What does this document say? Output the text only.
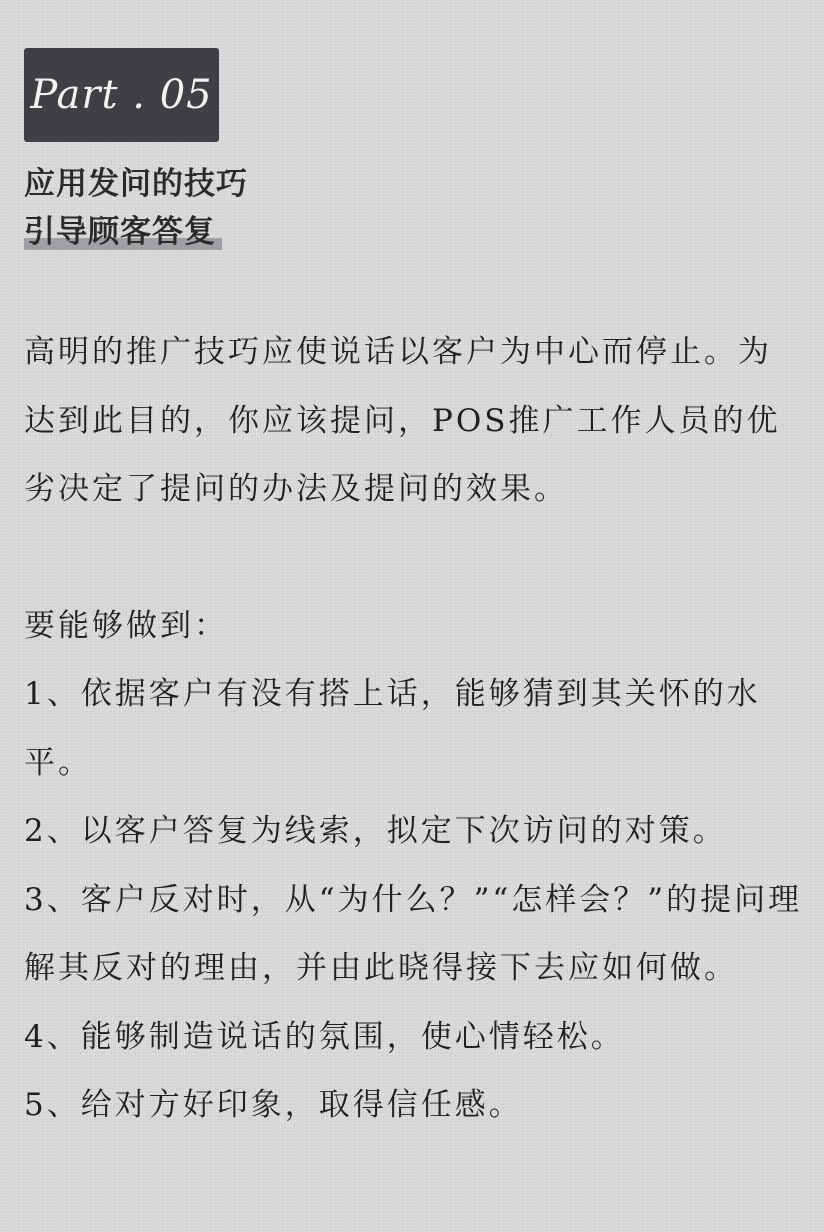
Part . 05
应用发问的技巧
引导顾客答复

高明的推广技巧应使说话以客户为中心而停止。为达到此目的，你应该提问，POS推广工作人员的优劣决定了提问的办法及提问的效果。

要能够做到：

1、依据客户有没有搭上话，能够猜到其关怀的水平。
2、以客户答复为线索，拟定下次访问的对策。
3、客户反对时，从“为什么？”“怎样会？”的提问理解其反对的理由，并由此晓得接下去应如何做。
4、能够制造说话的氛围，使心情轻松。
5、给对方好印象，取得信任感。
